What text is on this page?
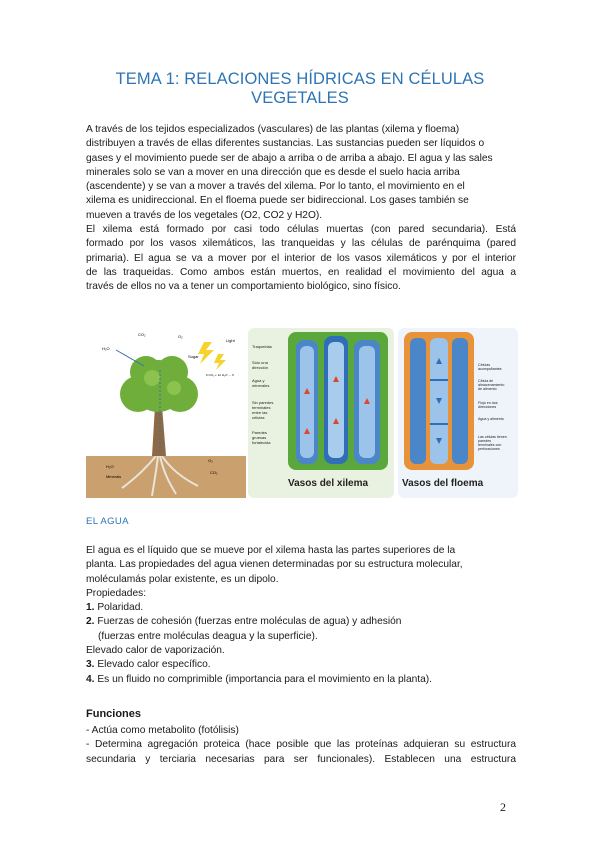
TEMA 1: RELACIONES HÍDRICAS EN CÉLULAS VEGETALES
A través de los tejidos especializados (vasculares) de las plantas (xilema y floema)
distribuyen a través de ellas diferentes sustancias. Las sustancias pueden ser líquidos o
gases y el movimiento puede ser de abajo a arriba o de arriba a abajo. El agua y las sales
minerales solo se van a mover en una dirección que es desde el suelo hacia arriba
(ascendente) y se van a mover a través del xilema. Por lo tanto, el movimiento en el
xilema es unidireccional. En el floema puede ser bidireccional. Los gases también se
mueven a través de los vegetales (O2, CO2 y H2O).
El xilema está formado por casi todo células muertas (con pared secundaria). Está
formado por los vasos xilemáticos, las tranqueidas y las células de parénquima (pared
primaria). El agua se va a mover por el interior de los vasos xilemáticos y por el interior
de las traqueidas. Como ambos están muertos, en realidad el movimiento del agua a
través de ellos no va a tener un comportamiento biológico, sino físico.
CO₂	O₂
Light
Sugar
H₂O
6 CO₂ + 12 H₂O → 6
H₂O
Minerals
O₂
CO₂
Traqueidas
Sólo una
dirección
Agua y
minerales
Sin paredes
terminales
entre las
células
Paredes
gruesas
fortalecida
Vasos del xilema
Células
acompañantes
Célula de
almacenamiento
de alimento
Flujo en dos
direcciones
Agua y alimento
Las células tienen
paredes
terminales con
perforaciones
Vasos del floema
EL AGUA
El agua es el líquido que se mueve por el xilema hasta las partes superiores de la
planta. Las propiedades del agua vienen determinadas por su estructura molecular,
moléculamás polar existente, es un dipolo.
Propiedades:
1. Polaridad.
2. Fuerzas de cohesión (fuerzas entre moléculas de agua) y adhesión
(fuerzas entre moléculas deagua y la superficie).
Elevado calor de vaporización.
3. Elevado calor específico.
4. Es un fluido no comprimible (importancia para el movimiento en la planta).
Funciones
- Actúa como metabolito (fotólisis)
- Determina agregación proteica (hace posible que las proteínas adquieran su estructura
secundaria y terciaria necesarias para ser funcionales). Establecen una estructura
2
